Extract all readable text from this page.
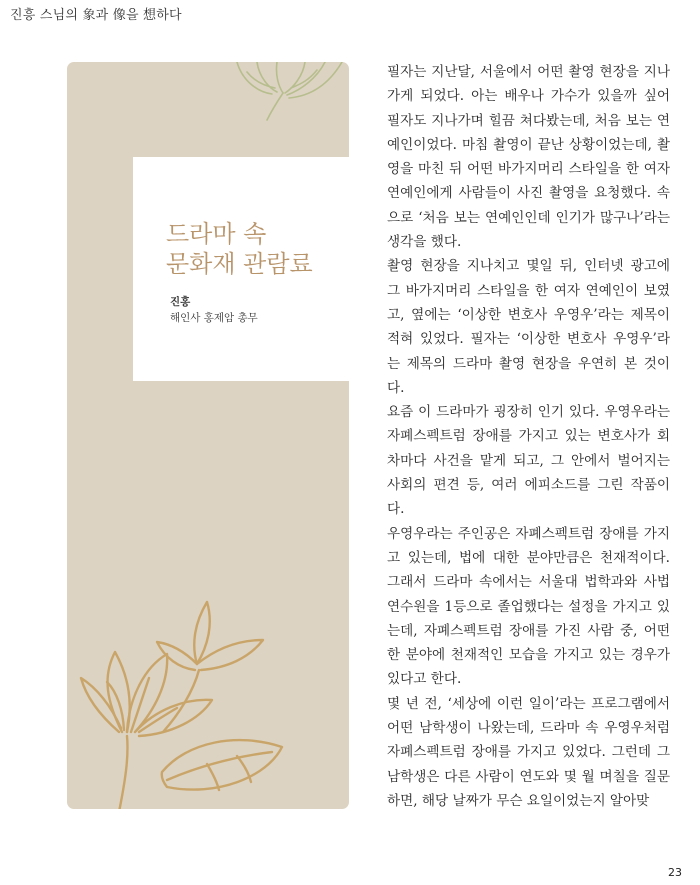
진흥 스님의 象과 像을 想하다
드라마 속
문화재 관람료
진홍
해인사 홍제암 총무

필자는 지난달, 서울에서 어떤 촬영 현장을 지나가게 되었다. 아는 배우나 가수가 있을까 싶어 필자도 지나가며 힐끔 쳐다봤는데, 처음 보는 연예인이었다. 마침 촬영이 끝난 상황이었는데, 촬영을 마친 뒤 어떤 바가지머리 스타일을 한 여자 연예인에게 사람들이 사진 촬영을 요청했다. 속으로 ‘처음 보는 연예인인데 인기가 많구나’라는 생각을 했다.

촬영 현장을 지나치고 몇일 뒤, 인터넷 광고에 그 바가지머리 스타일을 한 여자 연예인이 보였고, 옆에는 ‘이상한 변호사 우영우’라는 제목이 적혀 있었다. 필자는 ‘이상한 변호사 우영우’라는 제목의 드라마 촬영 현장을 우연히 본 것이다.

요즘 이 드라마가 굉장히 인기 있다. 우영우라는 자폐스펙트럼 장애를 가지고 있는 변호사가 회차마다 사건을 맡게 되고, 그 안에서 벌어지는 사회의 편견 등, 여러 에피소드를 그린 작품이다.

우영우라는 주인공은 자폐스펙트럼 장애를 가지고 있는데, 법에 대한 분야만큼은 천재적이다. 그래서 드라마 속에서는 서울대 법학과와 사법연수원을 1등으로 졸업했다는 설정을 가지고 있는데, 자폐스펙트럼 장애를 가진 사람 중, 어떤 한 분야에 천재적인 모습을 가지고 있는 경우가 있다고 한다.

몇 년 전, ‘세상에 이런 일이’라는 프로그램에서 어떤 남학생이 나왔는데, 드라마 속 우영우처럼 자폐스펙트럼 장애를 가지고 있었다. 그런데 그 남학생은 다른 사람이 연도와 몇 월 며칠을 질문하면, 해당 날짜가 무슨 요일이었는지 알아맞

23
